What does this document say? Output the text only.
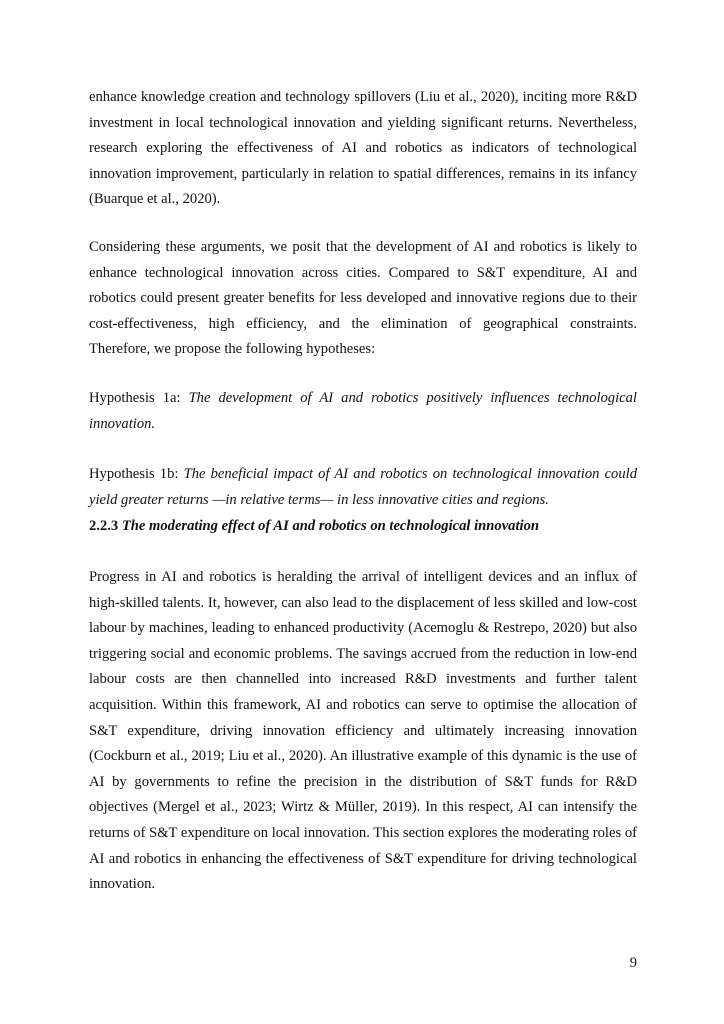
enhance knowledge creation and technology spillovers (Liu et al., 2020), inciting more R&D investment in local technological innovation and yielding significant returns. Nevertheless, research exploring the effectiveness of AI and robotics as indicators of technological innovation improvement, particularly in relation to spatial differences, remains in its infancy (Buarque et al., 2020).

Considering these arguments, we posit that the development of AI and robotics is likely to enhance technological innovation across cities. Compared to S&T expenditure, AI and robotics could present greater benefits for less developed and innovative regions due to their cost-effectiveness, high efficiency, and the elimination of geographical constraints. Therefore, we propose the following hypotheses:

Hypothesis 1a: The development of AI and robotics positively influences technological innovation.

Hypothesis 1b: The beneficial impact of AI and robotics on technological innovation could yield greater returns —in relative terms— in less innovative cities and regions.

2.2.3 The moderating effect of AI and robotics on technological innovation

Progress in AI and robotics is heralding the arrival of intelligent devices and an influx of high-skilled talents. It, however, can also lead to the displacement of less skilled and low-cost labour by machines, leading to enhanced productivity (Acemoglu & Restrepo, 2020) but also triggering social and economic problems. The savings accrued from the reduction in low-end labour costs are then channelled into increased R&D investments and further talent acquisition. Within this framework, AI and robotics can serve to optimise the allocation of S&T expenditure, driving innovation efficiency and ultimately increasing innovation (Cockburn et al., 2019; Liu et al., 2020). An illustrative example of this dynamic is the use of AI by governments to refine the precision in the distribution of S&T funds for R&D objectives (Mergel et al., 2023; Wirtz & Müller, 2019). In this respect, AI can intensify the returns of S&T expenditure on local innovation. This section explores the moderating roles of AI and robotics in enhancing the effectiveness of S&T expenditure for driving technological innovation.

9
